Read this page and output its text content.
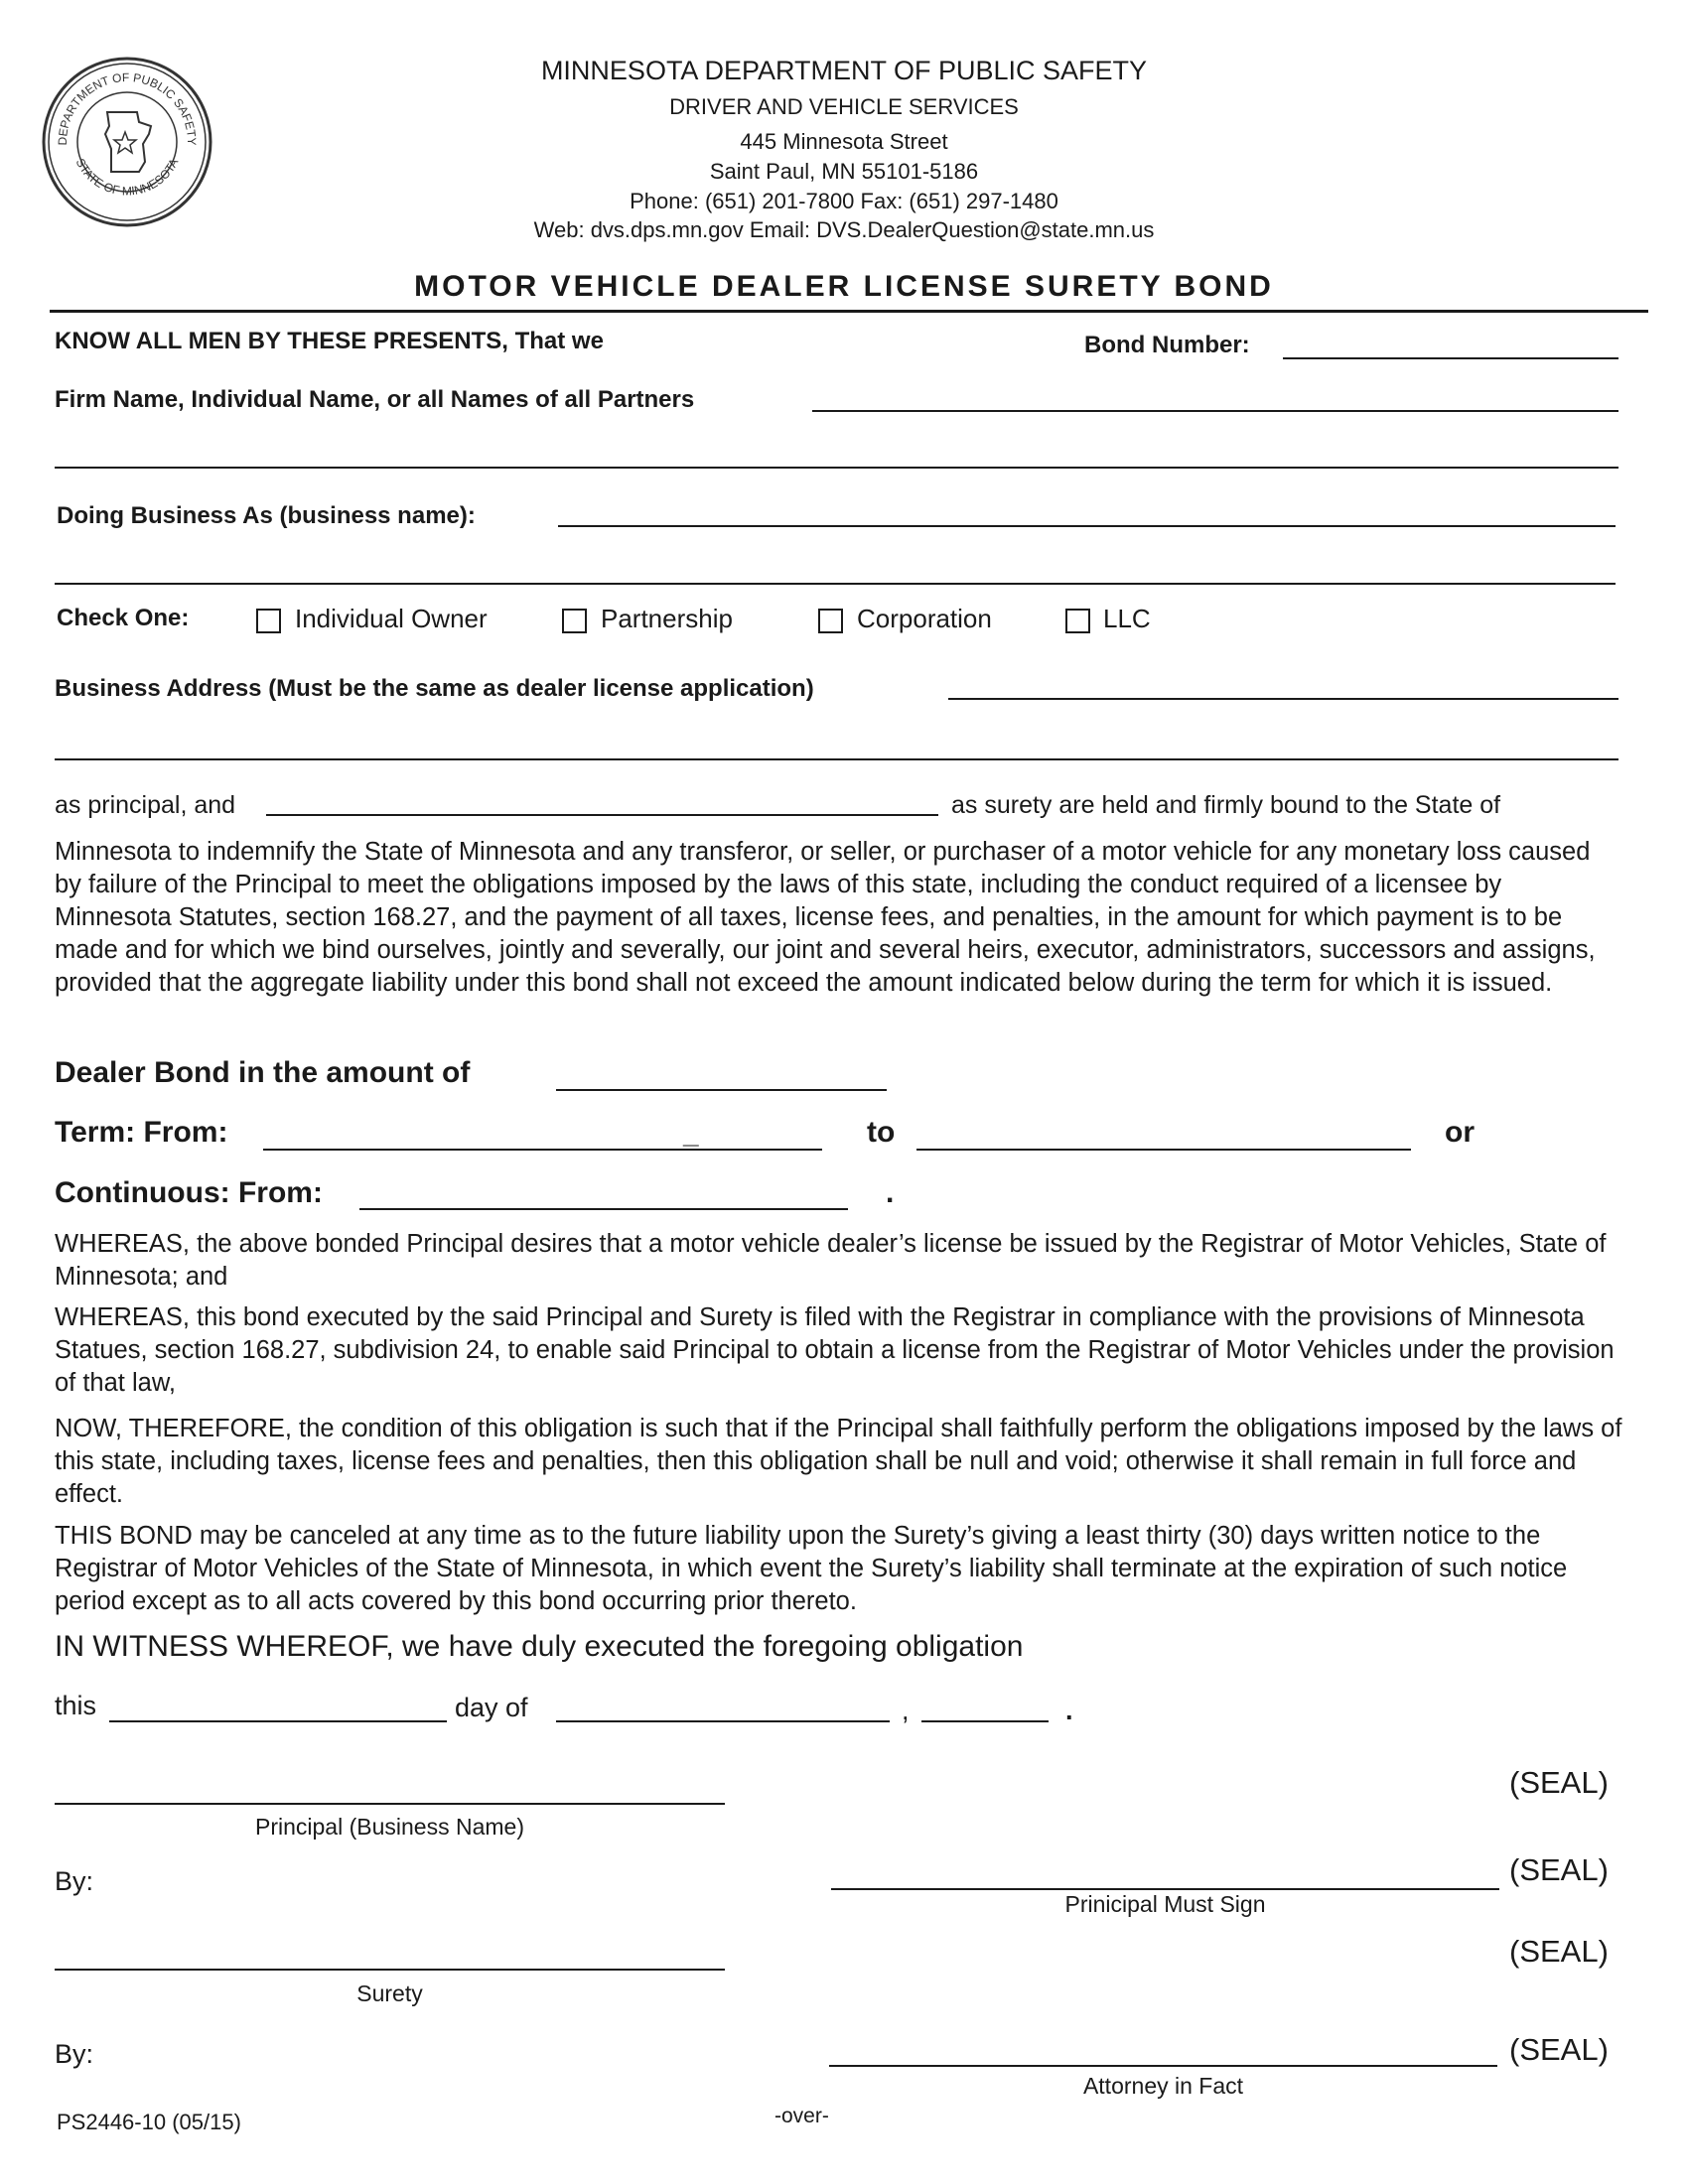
DEPARTMENT OF PUBLIC SAFETY
STATE OF MINNESOTA
MINNESOTA DEPARTMENT OF PUBLIC SAFETY
DRIVER AND VEHICLE SERVICES
445 Minnesota Street
Saint Paul, MN 55101-5186
Phone: (651) 201-7800 Fax: (651) 297-1480
Web: dvs.dps.mn.gov Email: DVS.DealerQuestion@state.mn.us
MOTOR VEHICLE DEALER LICENSE SURETY BOND
KNOW ALL MEN BY THESE PRESENTS, That we	Bond Number:
Firm Name, Individual Name, or all Names of all Partners
Doing Business As (business name):
Check One:	Individual Owner	Partnership	Corporation	LLC
Business Address (Must be the same as dealer license application)
as principal, and	as surety are held and firmly bound to the State of
Minnesota to indemnify the State of Minnesota and any transferor, or seller, or purchaser of a motor vehicle for any monetary loss caused by failure of the Principal to meet the obligations imposed by the laws of this state, including the conduct required of a licensee by Minnesota Statutes, section 168.27, and the payment of all taxes, license fees, and penalties, in the amount for which payment is to be made and for which we bind ourselves, jointly and severally, our joint and several heirs, executor, administrators, successors and assigns, provided that the aggregate liability under this bond shall not exceed the amount indicated below during the term for which it is issued.
Dealer Bond in the amount of
Term: From:	_	to	or
Continuous: From:	.
WHEREAS, the above bonded Principal desires that a motor vehicle dealer’s license be issued by the Registrar of Motor Vehicles, State of Minnesota; and
WHEREAS, this bond executed by the said Principal and Surety is filed with the Registrar in compliance with the provisions of Minnesota Statues, section 168.27, subdivision 24, to enable said Principal to obtain a license from the Registrar of Motor Vehicles under the provision of that law,
NOW, THEREFORE, the condition of this obligation is such that if the Principal shall faithfully perform the obligations imposed by the laws of this state, including taxes, license fees and penalties, then this obligation shall be null and void; otherwise it shall remain in full force and effect.
THIS BOND may be canceled at any time as to the future liability upon the Surety’s giving a least thirty (30) days written notice to the Registrar of Motor Vehicles of the State of Minnesota, in which event the Surety’s liability shall terminate at the expiration of such notice period except as to all acts covered by this bond occurring prior thereto.
IN WITNESS WHEREOF, we have duly executed the foregoing obligation
this	day of	,	.
(SEAL)
Principal (Business Name)
By:	(SEAL)
Prinicipal Must Sign
(SEAL)
Surety
By:	(SEAL)
Attorney in Fact
PS2446-10 (05/15)	-over-
